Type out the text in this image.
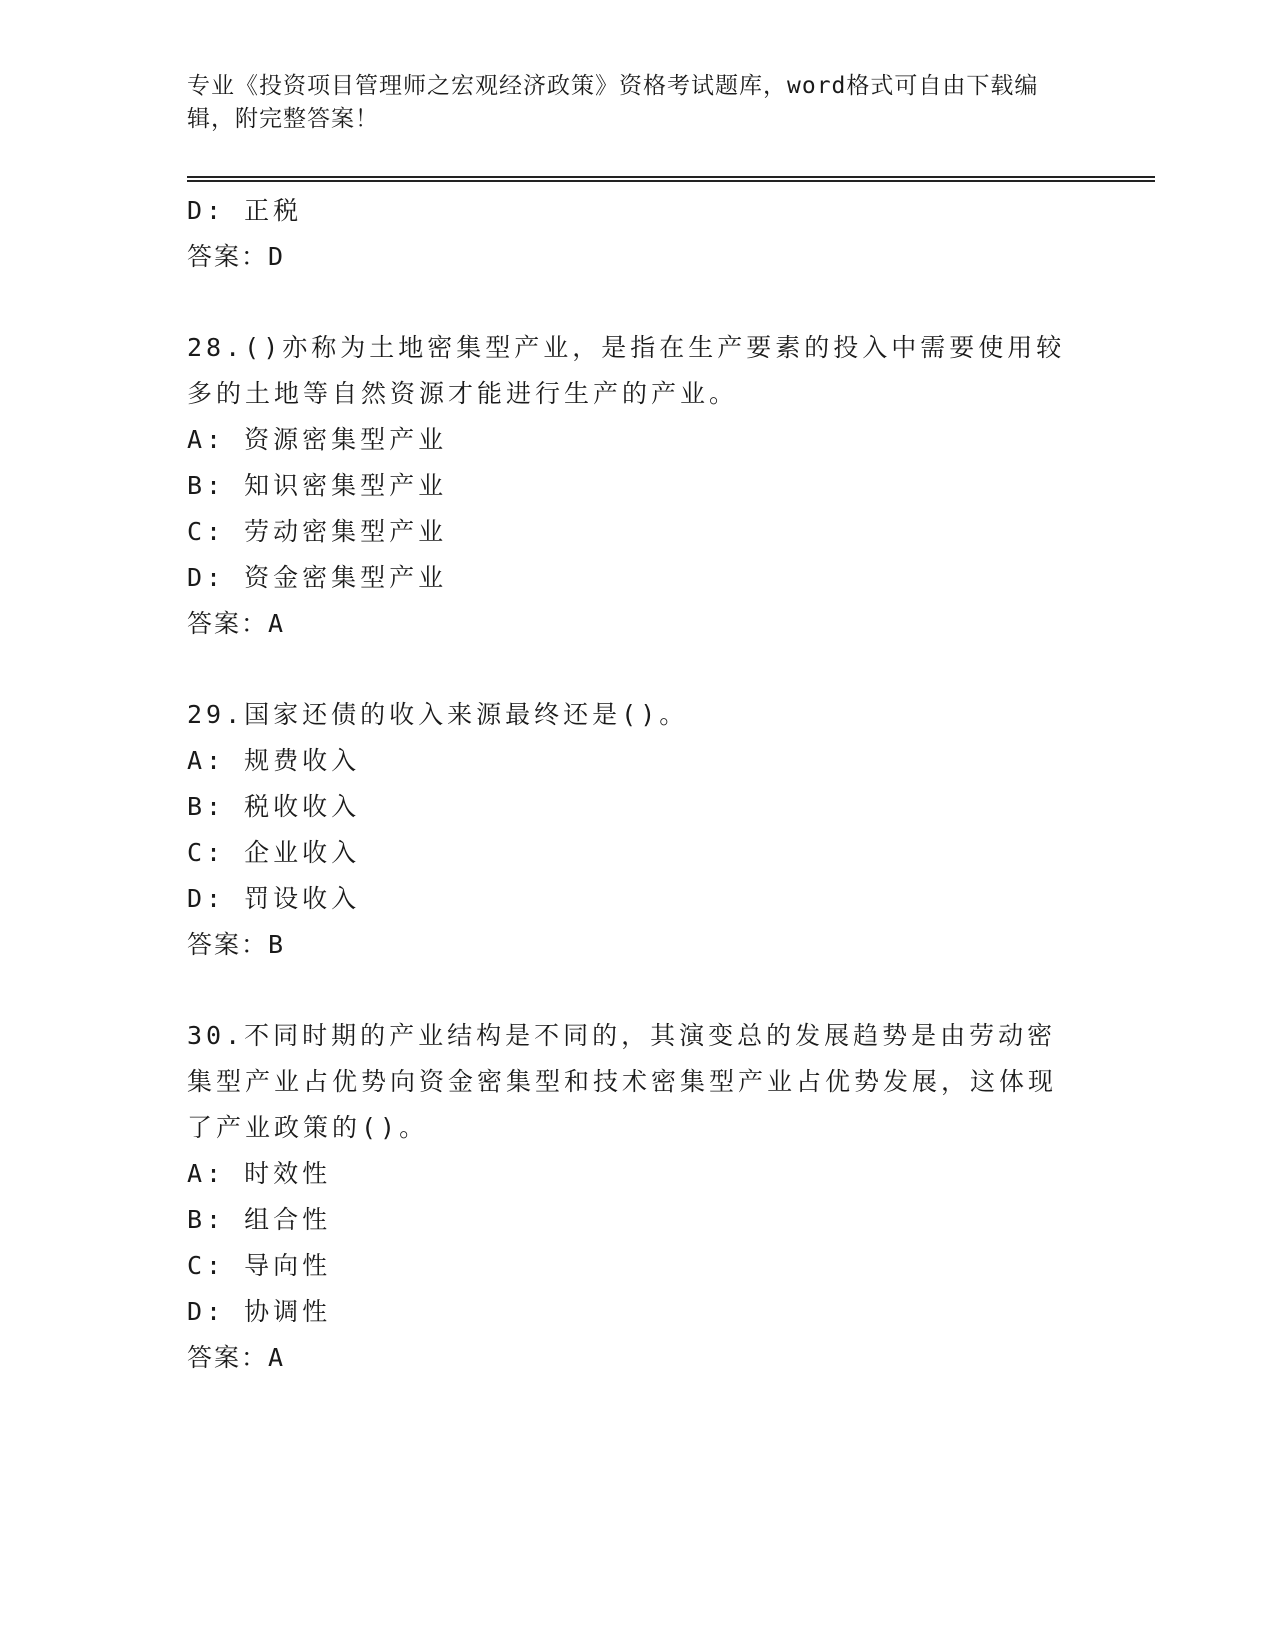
专业《投资项目管理师之宏观经济政策》资格考试题库，word格式可自由下载编辑，附完整答案！
D: 正税
答案：D
28.()亦称为土地密集型产业，是指在生产要素的投入中需要使用较多的土地等自然资源才能进行生产的产业。
A: 资源密集型产业
B: 知识密集型产业
C: 劳动密集型产业
D: 资金密集型产业
答案：A
29.国家还债的收入来源最终还是()。
A: 规费收入
B: 税收收入
C: 企业收入
D: 罚设收入
答案：B
30.不同时期的产业结构是不同的，其演变总的发展趋势是由劳动密集型产业占优势向资金密集型和技术密集型产业占优势发展，这体现了产业政策的()。
A: 时效性
B: 组合性
C: 导向性
D: 协调性
答案：A
